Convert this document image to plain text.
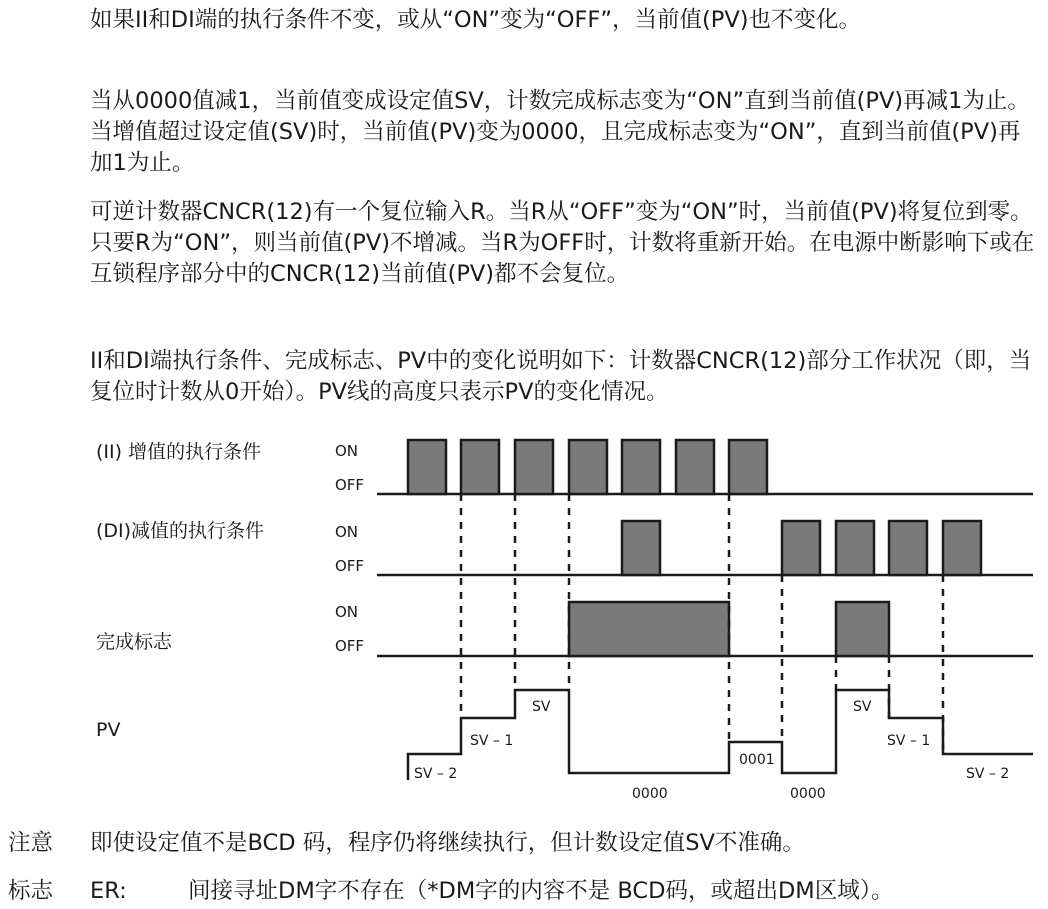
如果II和DI端的执行条件不变，或从“ON”变为“OFF”，当前值(PV)也不变化。

当从0000值减1，当前值变成设定值SV，计数完成标志变为“ON”直到当前值(PV)再减1为止。当增值超过设定值(SV)时，当前值(PV)变为0000，且完成标志变为“ON”，直到当前值(PV)再加1为止。

可逆计数器CNCR(12)有一个复位输入R。当R从“OFF”变为“ON”时，当前值(PV)将复位到零。只要R为“ON”，则当前值(PV)不增减。当R为OFF时，计数将重新开始。在电源中断影响下或在互锁程序部分中的CNCR(12)当前值(PV)都不会复位。

II和DI端执行条件、完成标志、PV中的变化说明如下：计数器CNCR(12)部分工作状况（即，当复位时计数从0开始）。PV线的高度只表示PV的变化情况。

(II) 增值的执行条件
(DI)减值的执行条件
完成标志
PV
ON
OFF
ON
OFF
ON
OFF
SV – 2
SV – 1
SV
0000
0001
0000
SV
SV – 1
SV – 2
注意 即使设定值不是BCD 码，程序仍将继续执行，但计数设定值SV不准确。
标志 ER:	间接寻址DM字不存在（*DM字的内容不是 BCD码，或超出DM区域）。
